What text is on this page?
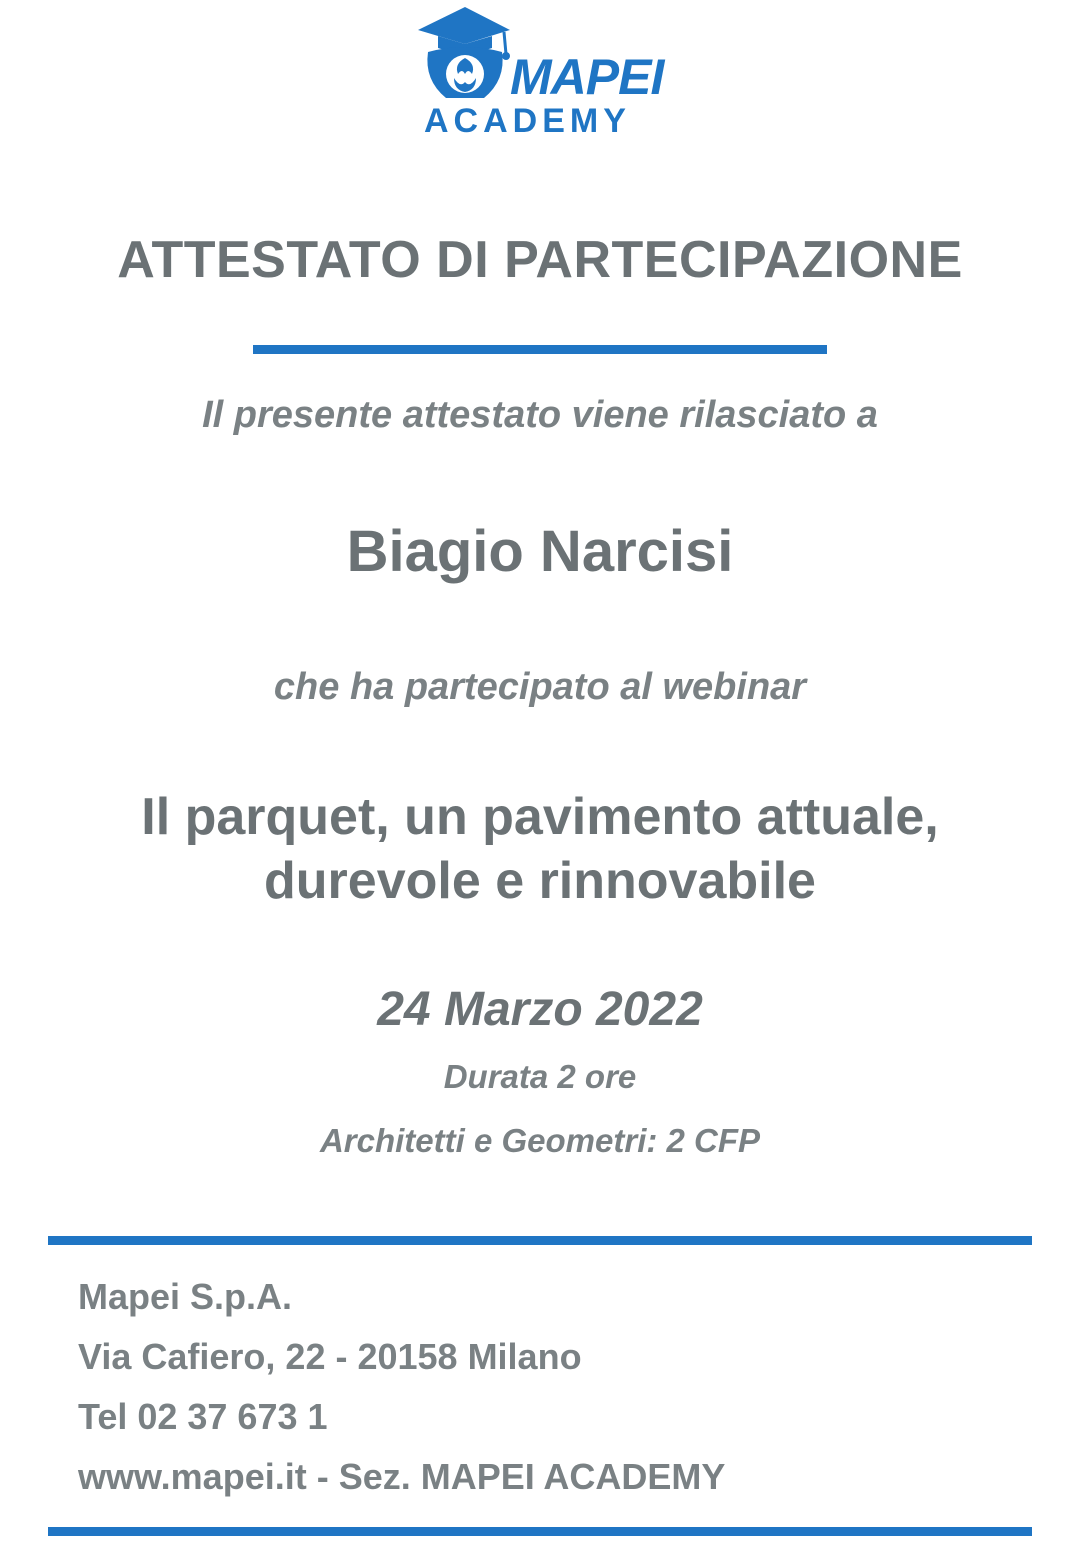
MAPEI
ACADEMY
ATTESTATO DI PARTECIPAZIONE

Il presente attestato viene rilasciato a

Biagio Narcisi

che ha partecipato al webinar

Il parquet, un pavimento attuale,
durevole e rinnovabile

24 Marzo 2022

Durata 2 ore

Architetti e Geometri: 2 CFP

Mapei S.p.A.
Via Cafiero, 22 - 20158 Milano
Tel 02 37 673 1
www.mapei.it - Sez. MAPEI ACADEMY
